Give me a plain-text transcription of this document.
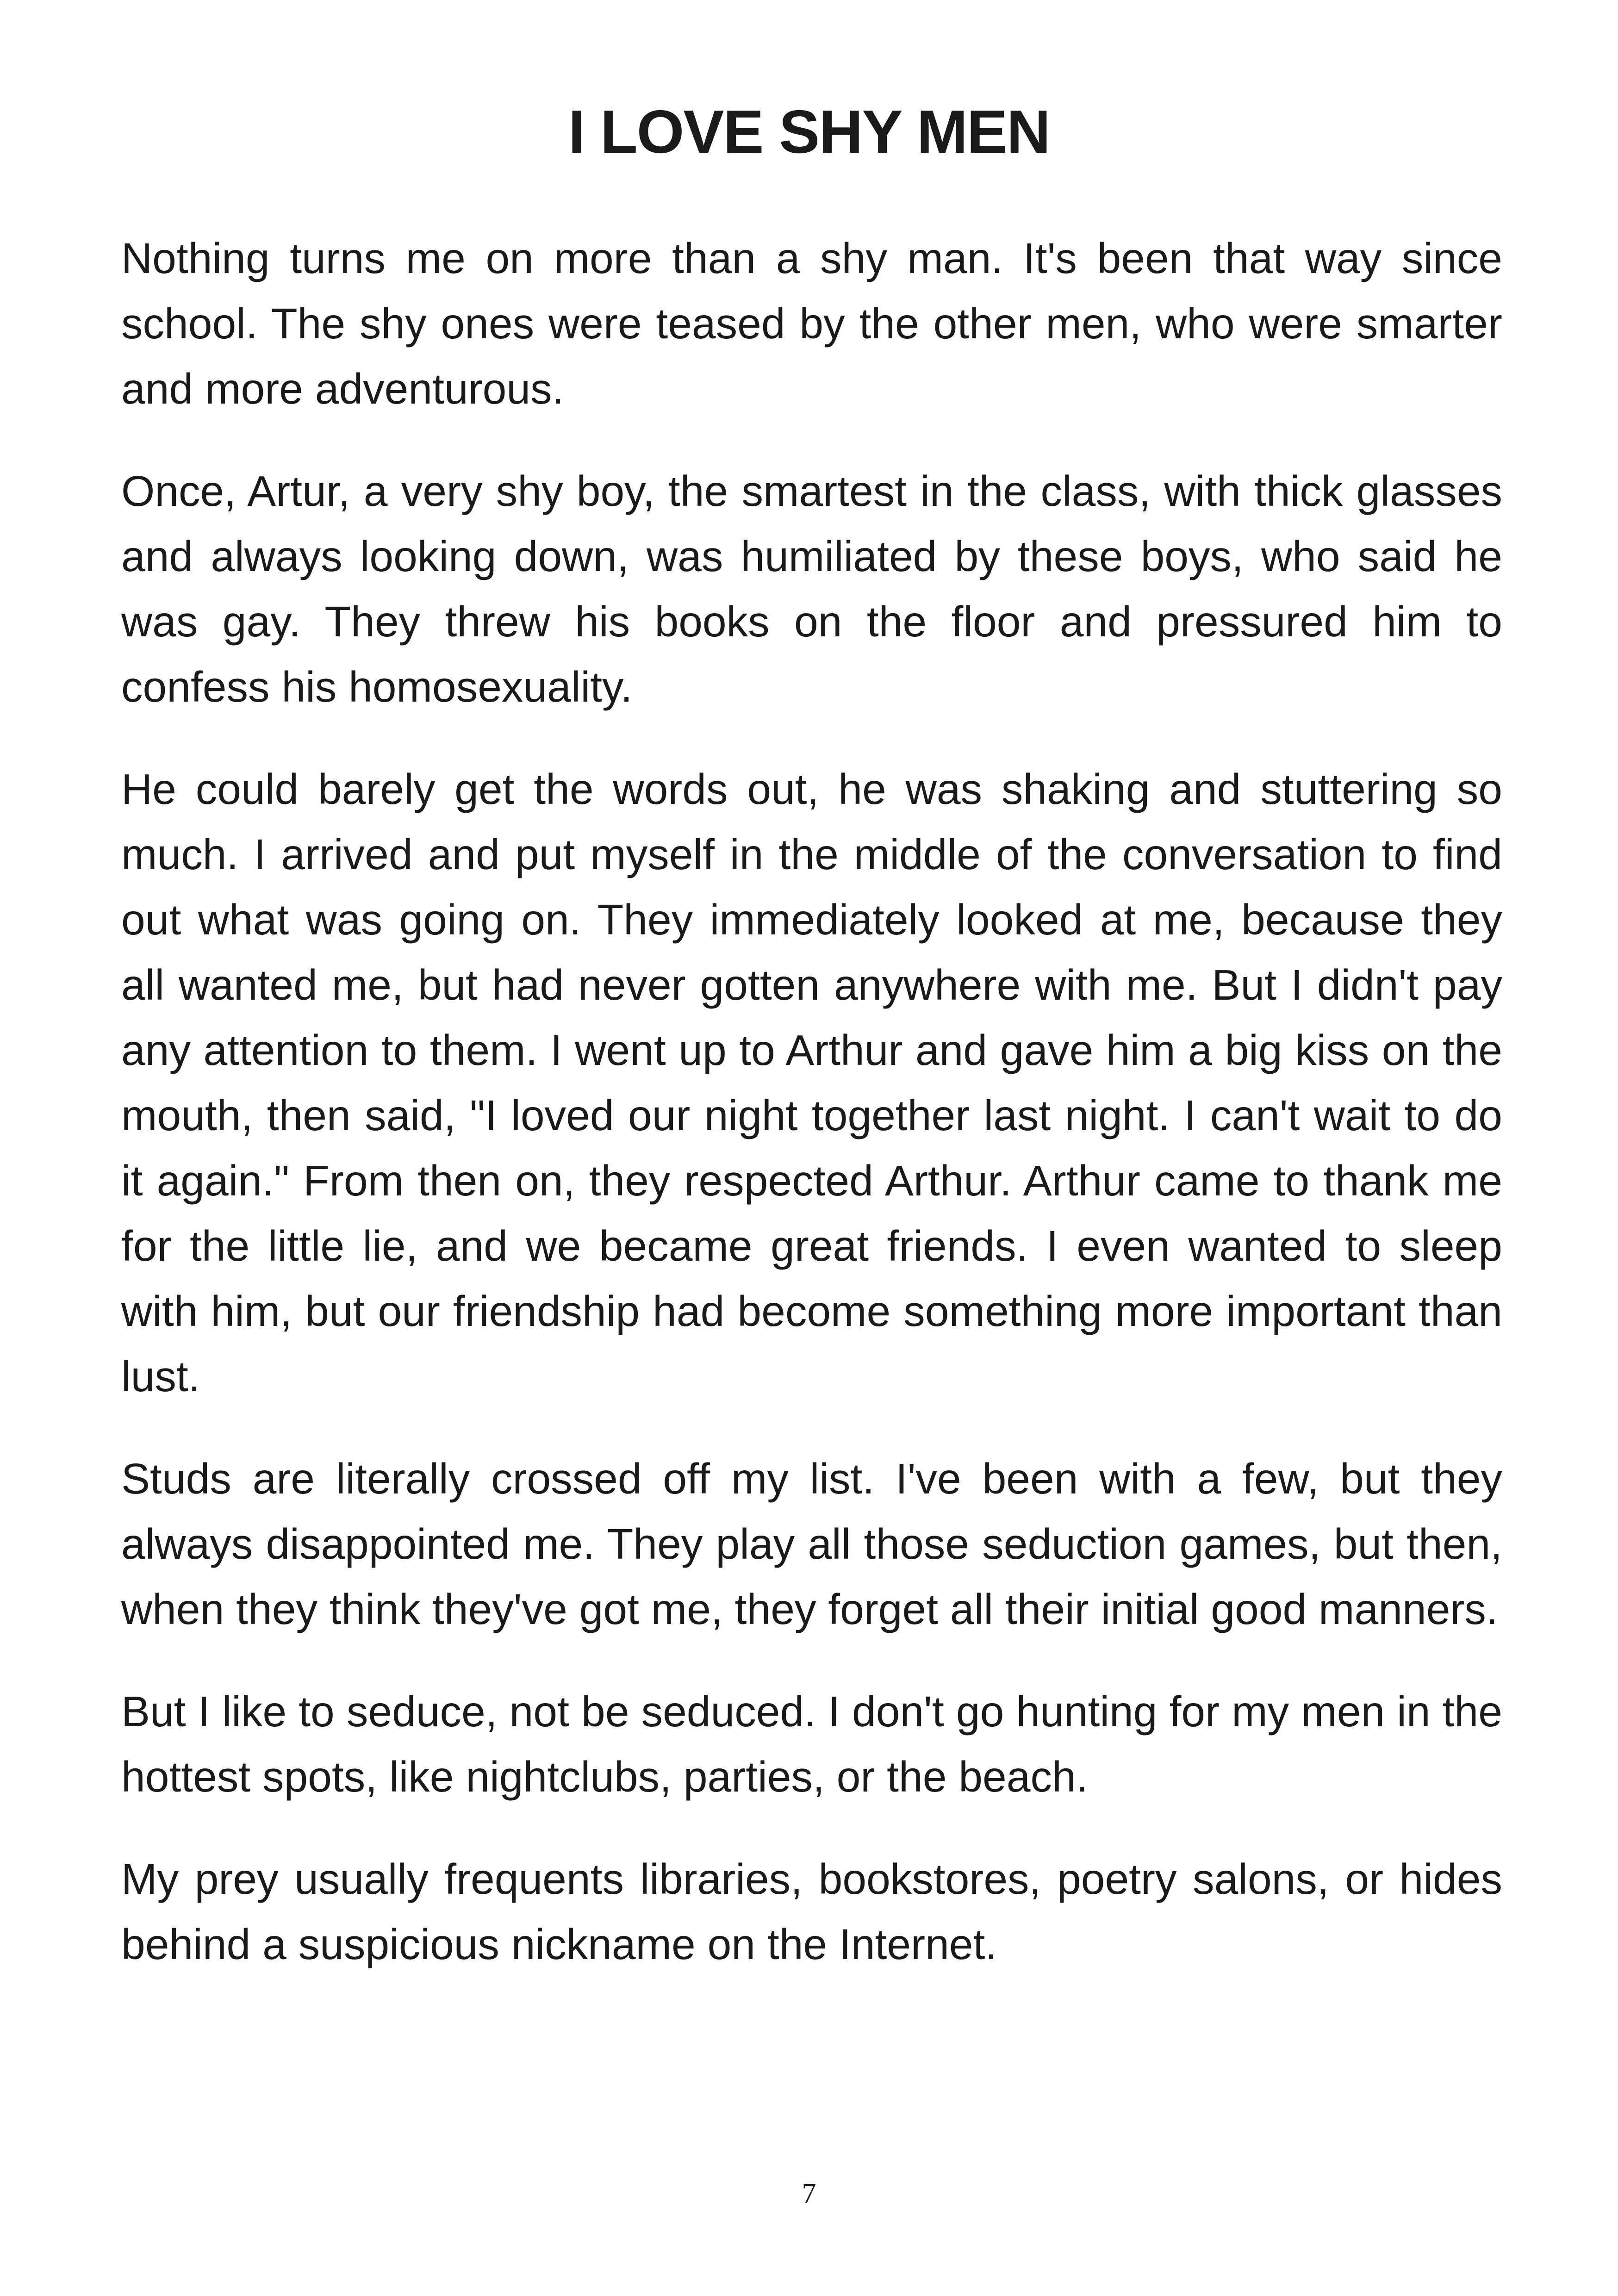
I LOVE SHY MEN

Nothing turns me on more than a shy man. It's been that way since school. The shy ones were teased by the other men, who were smarter and more adventurous.

Once, Artur, a very shy boy, the smartest in the class, with thick glasses and always looking down, was humiliated by these boys, who said he was gay. They threw his books on the floor and pressured him to confess his homosexuality.

He could barely get the words out, he was shaking and stuttering so much. I arrived and put myself in the middle of the conversation to find out what was going on. They immediately looked at me, because they all wanted me, but had never gotten anywhere with me. But I didn't pay any attention to them. I went up to Arthur and gave him a big kiss on the mouth, then said, "I loved our night together last night. I can't wait to do it again." From then on, they respected Arthur. Arthur came to thank me for the little lie, and we became great friends. I even wanted to sleep with him, but our friendship had become something more important than lust.

Studs are literally crossed off my list. I've been with a few, but they always disappointed me. They play all those seduction games, but then, when they think they've got me, they forget all their initial good manners.

But I like to seduce, not be seduced. I don't go hunting for my men in the hottest spots, like nightclubs, parties, or the beach.

My prey usually frequents libraries, bookstores, poetry salons, or hides behind a suspicious nickname on the Internet.

7
